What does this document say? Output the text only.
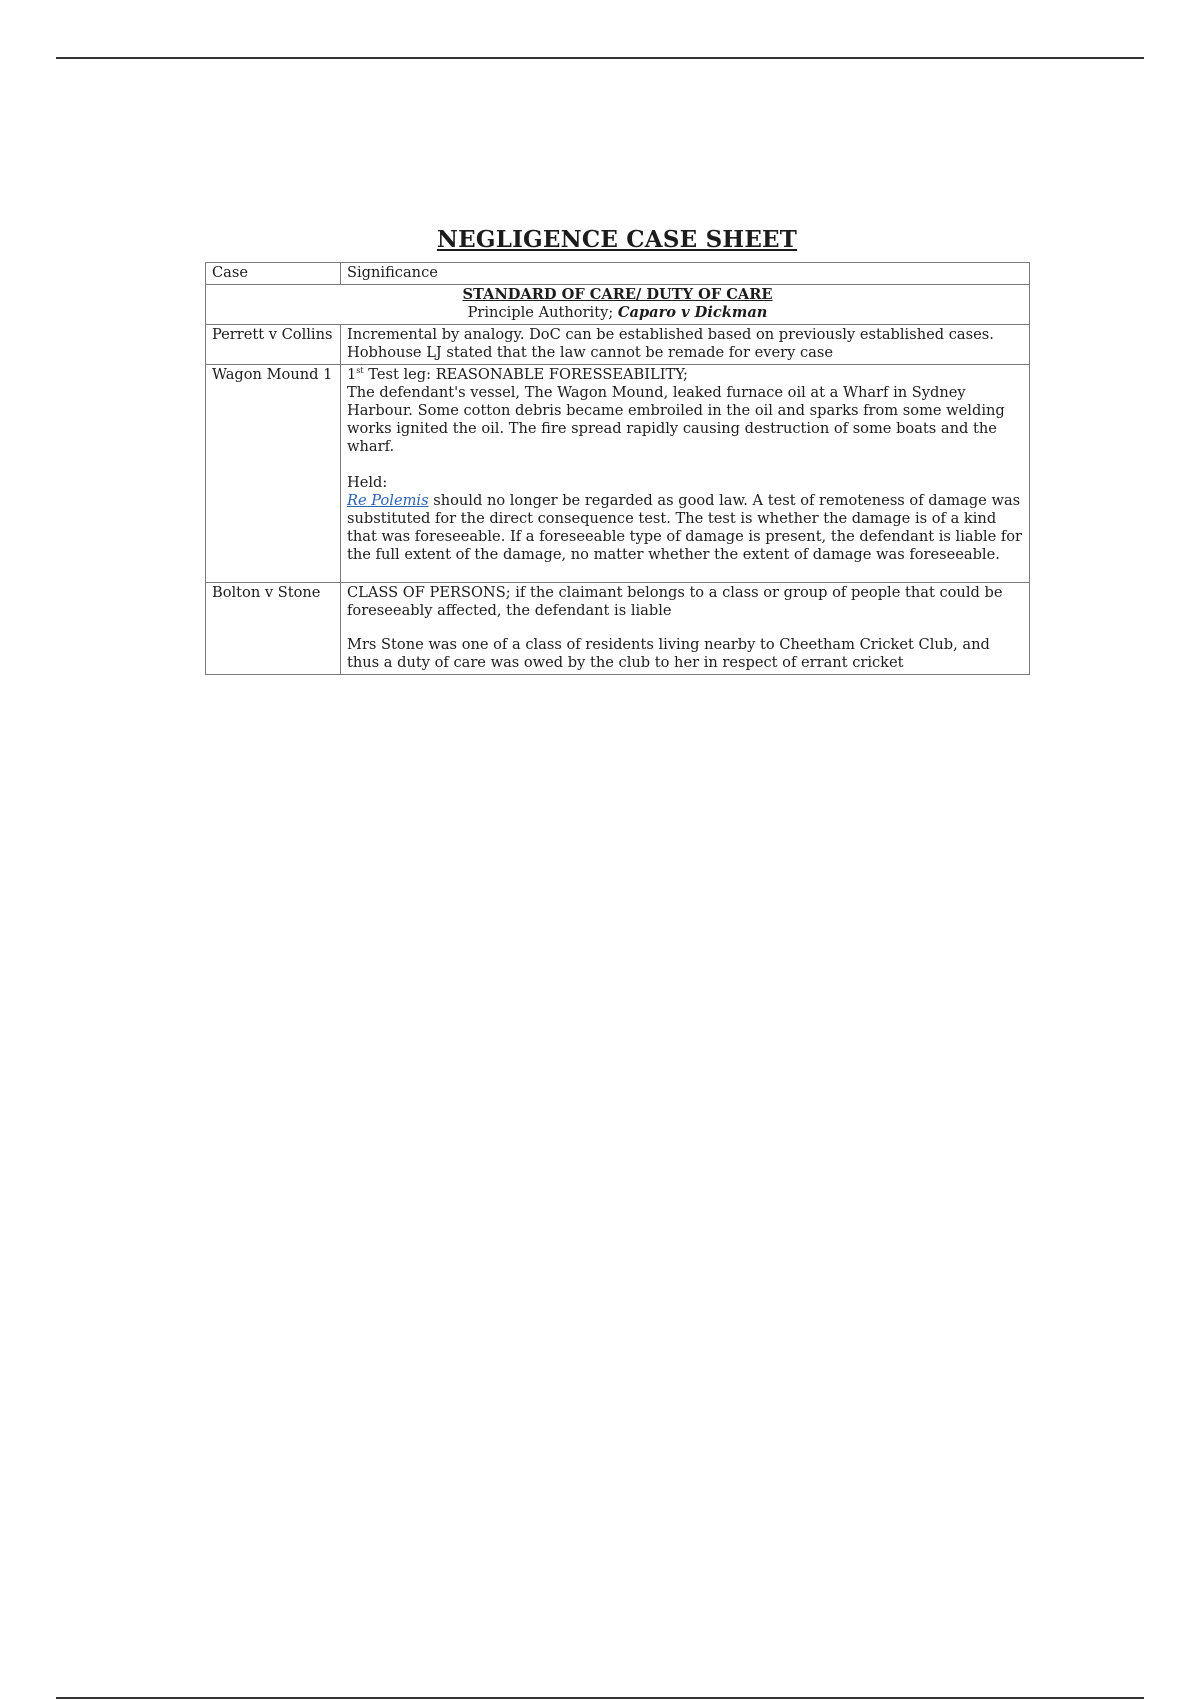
NEGLIGENCE CASE SHEET
Case	Significance

STANDARD OF CARE/ DUTY OF CARE
Principle Authority; Caparo v Dickman	
Perrett v Collins	Incremental by analogy. DoC can be established based on previously established cases.
Hobhouse LJ stated that the law cannot be remade for every case

Wagon Mound 1	1st Test leg: REASONABLE FORESSEABILITY;
The defendant's vessel, The Wagon Mound, leaked furnace oil at a Wharf in Sydney Harbour. Some cotton debris became embroiled in the oil and sparks from some welding works ignited the oil. The fire spread rapidly causing destruction of some boats and the wharf.
Held:
Re Polemis should no longer be regarded as good law. A test of remoteness of damage was substituted for the direct consequence test. The test is whether the damage is of a kind that was foreseeable. If a foreseeable type of damage is present, the defendant is liable for the full extent of the damage, no matter whether the extent of damage was foreseeable.

Bolton v Stone	CLASS OF PERSONS; if the claimant belongs to a class or group of people that could be foreseeably affected, the defendant is liable
Mrs Stone was one of a class of residents living nearby to Cheetham Cricket Club, and thus a duty of care was owed by the club to her in respect of errant cricket
